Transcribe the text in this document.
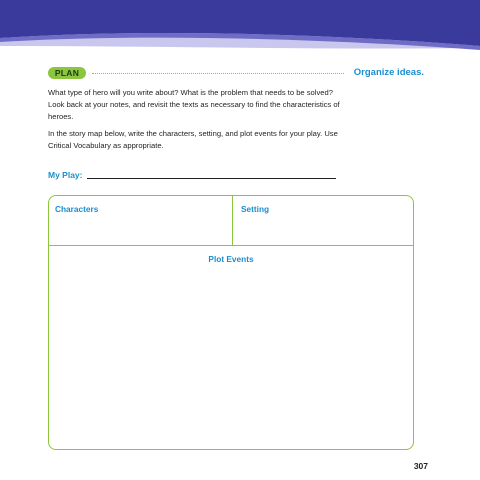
PLAN	Organize ideas.

What type of hero will you write about? What is the problem that needs to be solved? Look back at your notes, and revisit the texts as necessary to find the characteristics of heroes.

In the story map below, write the characters, setting, and plot events for your play. Use Critical Vocabulary as appropriate.

My Play:
Characters	Setting
Plot Events
307
